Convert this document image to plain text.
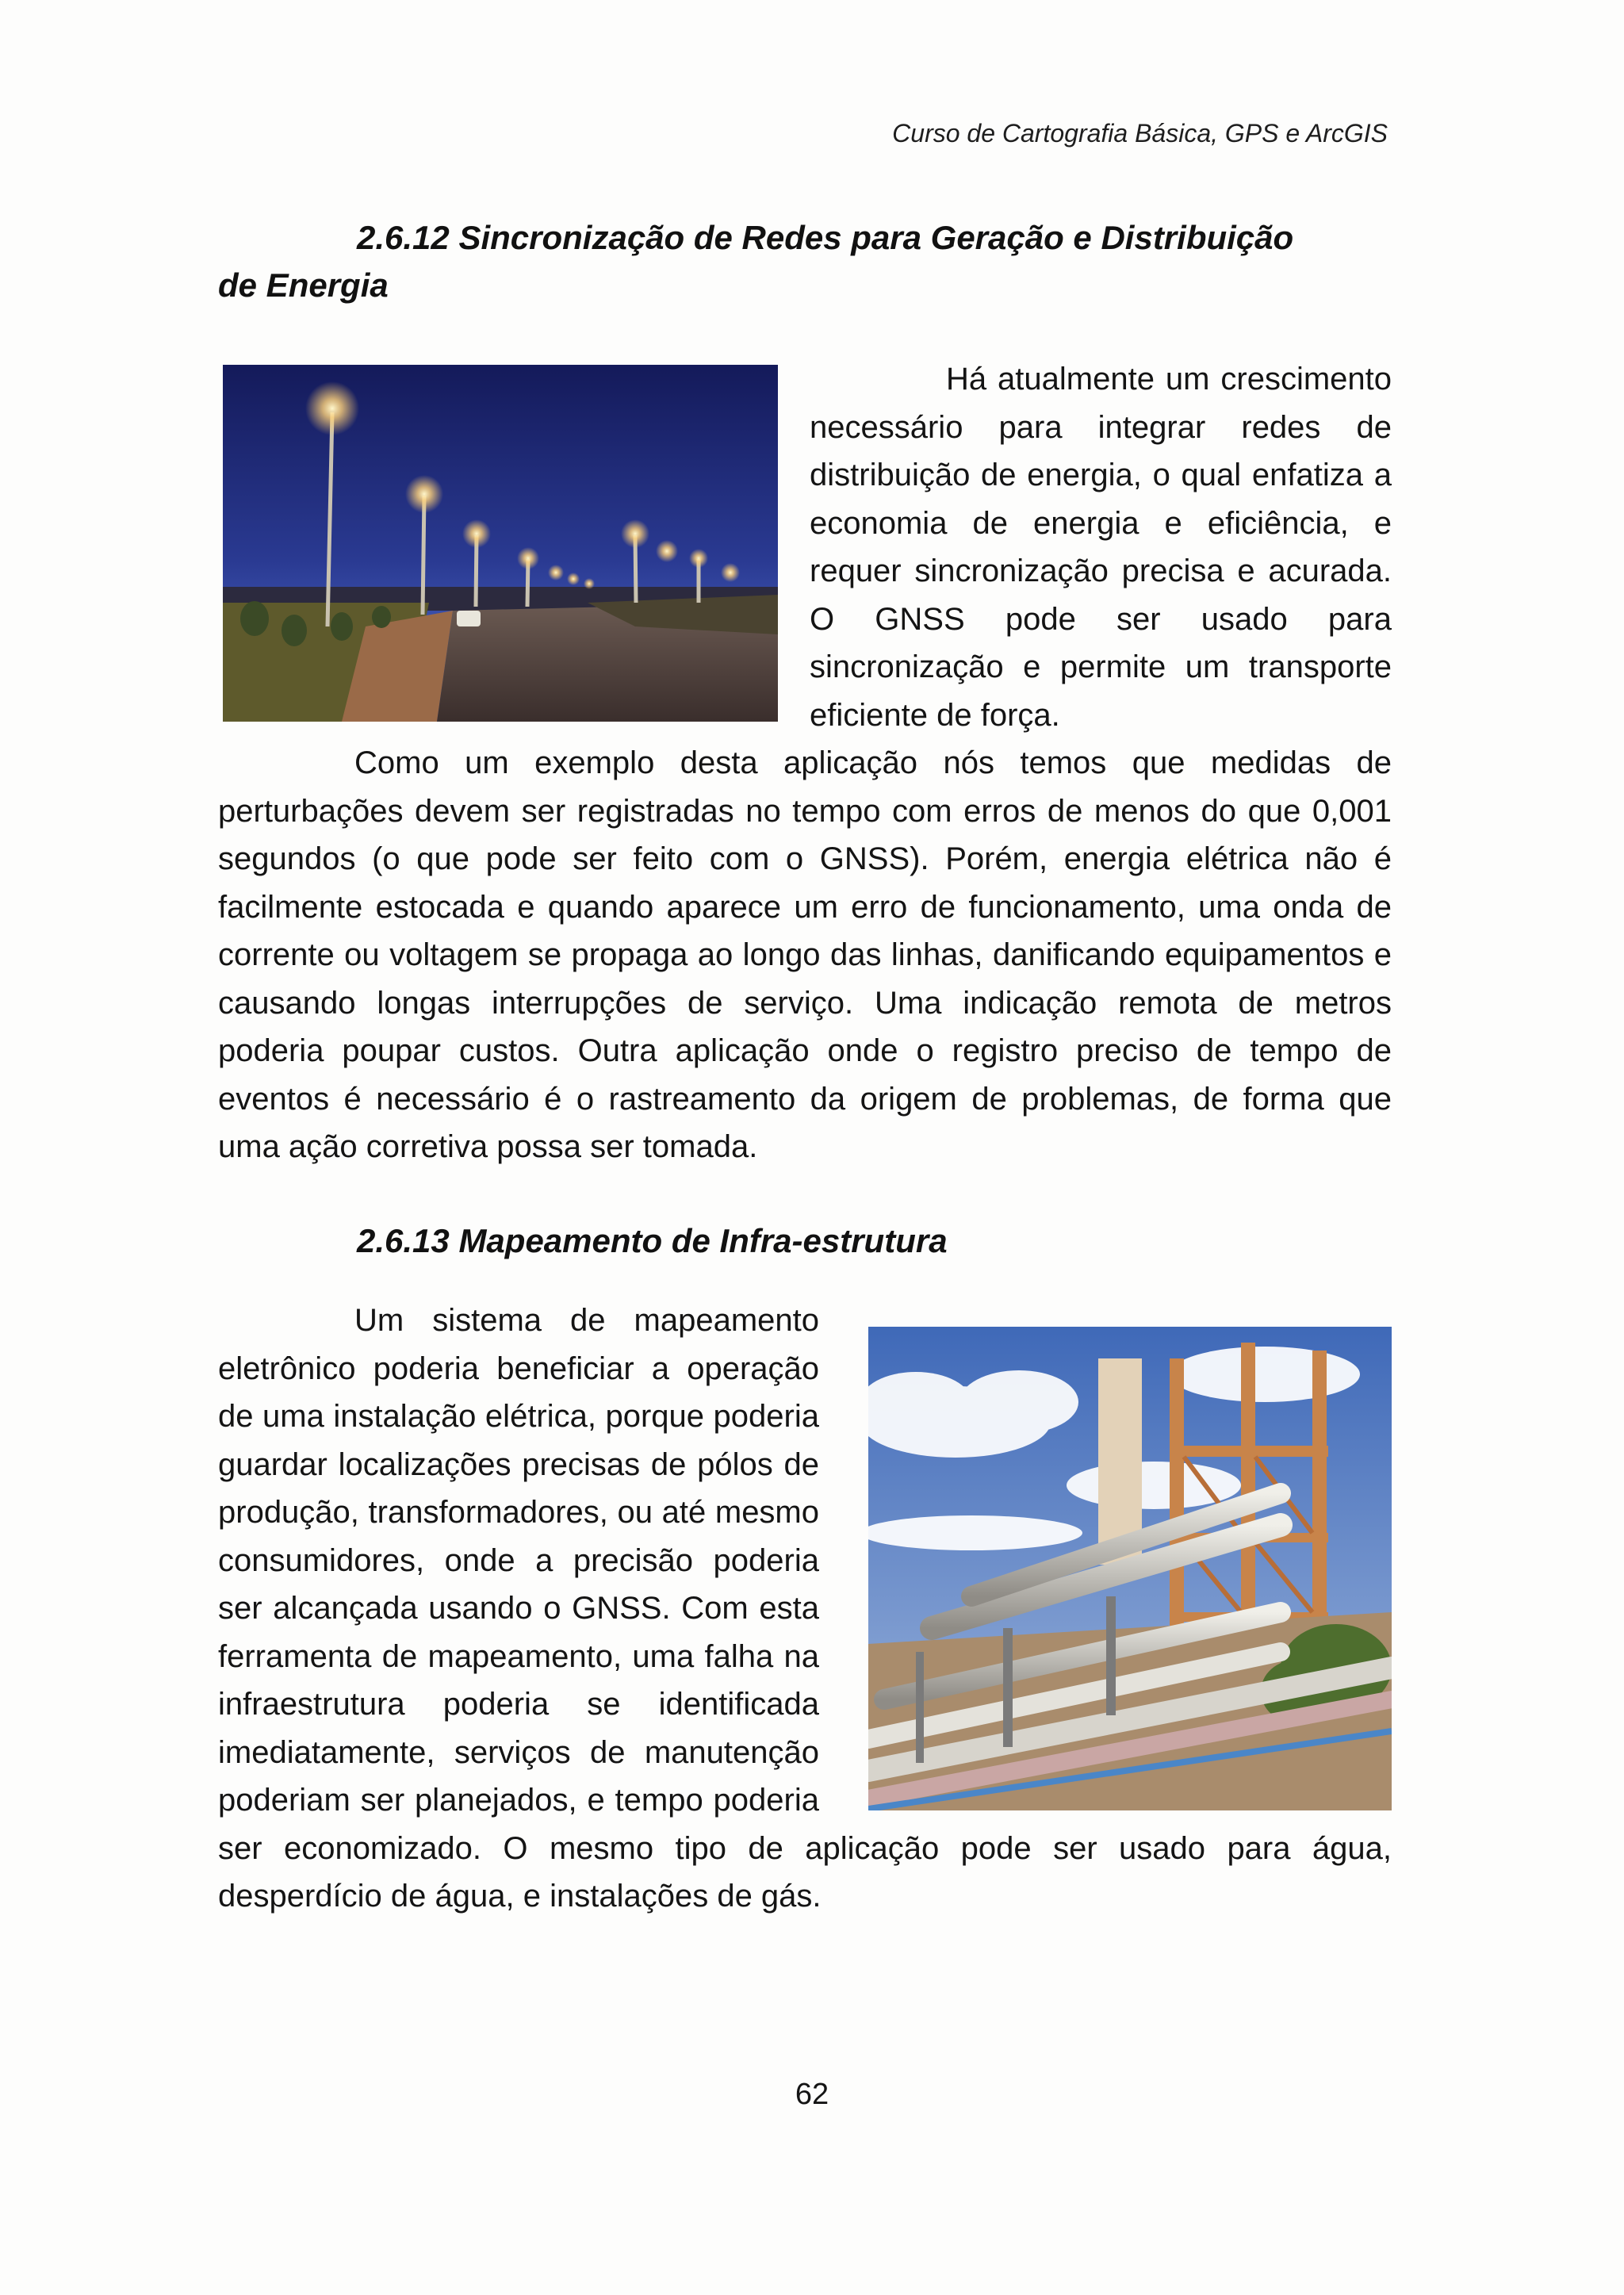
Curso de Cartografia Básica, GPS e ArcGIS
2.6.12 Sincronização de Redes para Geração e Distribuição
de Energia

Há atualmente um crescimento necessário para integrar redes de distribuição de energia, o qual enfatiza a economia de energia e eficiência, e requer sincronização precisa e acurada. O GNSS pode ser usado para sincronização e permite um transporte eficiente de força.

Como um exemplo desta aplicação nós temos que medidas de perturbações devem ser registradas no tempo com erros de menos do que 0,001 segundos (o que pode ser feito com o GNSS). Porém, energia elétrica não é facilmente estocada e quando aparece um erro de funcionamento, uma onda de corrente ou voltagem se propaga ao longo das linhas, danificando equipamentos e causando longas interrupções de serviço. Uma indicação remota de metros poderia poupar custos. Outra aplicação onde o registro preciso de tempo de eventos é necessário é o rastreamento da origem de problemas, de forma que uma ação corretiva possa ser tomada.

2.6.13 Mapeamento de Infra-estrutura

Um sistema de mapeamento eletrônico poderia beneficiar a operação de uma instalação elétrica, porque poderia guardar localizações precisas de pólos de produção, transformadores, ou até mesmo consumidores, onde a precisão poderia ser alcançada usando o GNSS. Com esta ferramenta de mapeamento, uma falha na infraestrutura poderia se identificada imediatamente, serviços de manutenção poderiam ser planejados, e tempo poderia ser economizado. O mesmo tipo de aplicação pode ser usado para água, desperdício de água, e instalações de gás.

62
